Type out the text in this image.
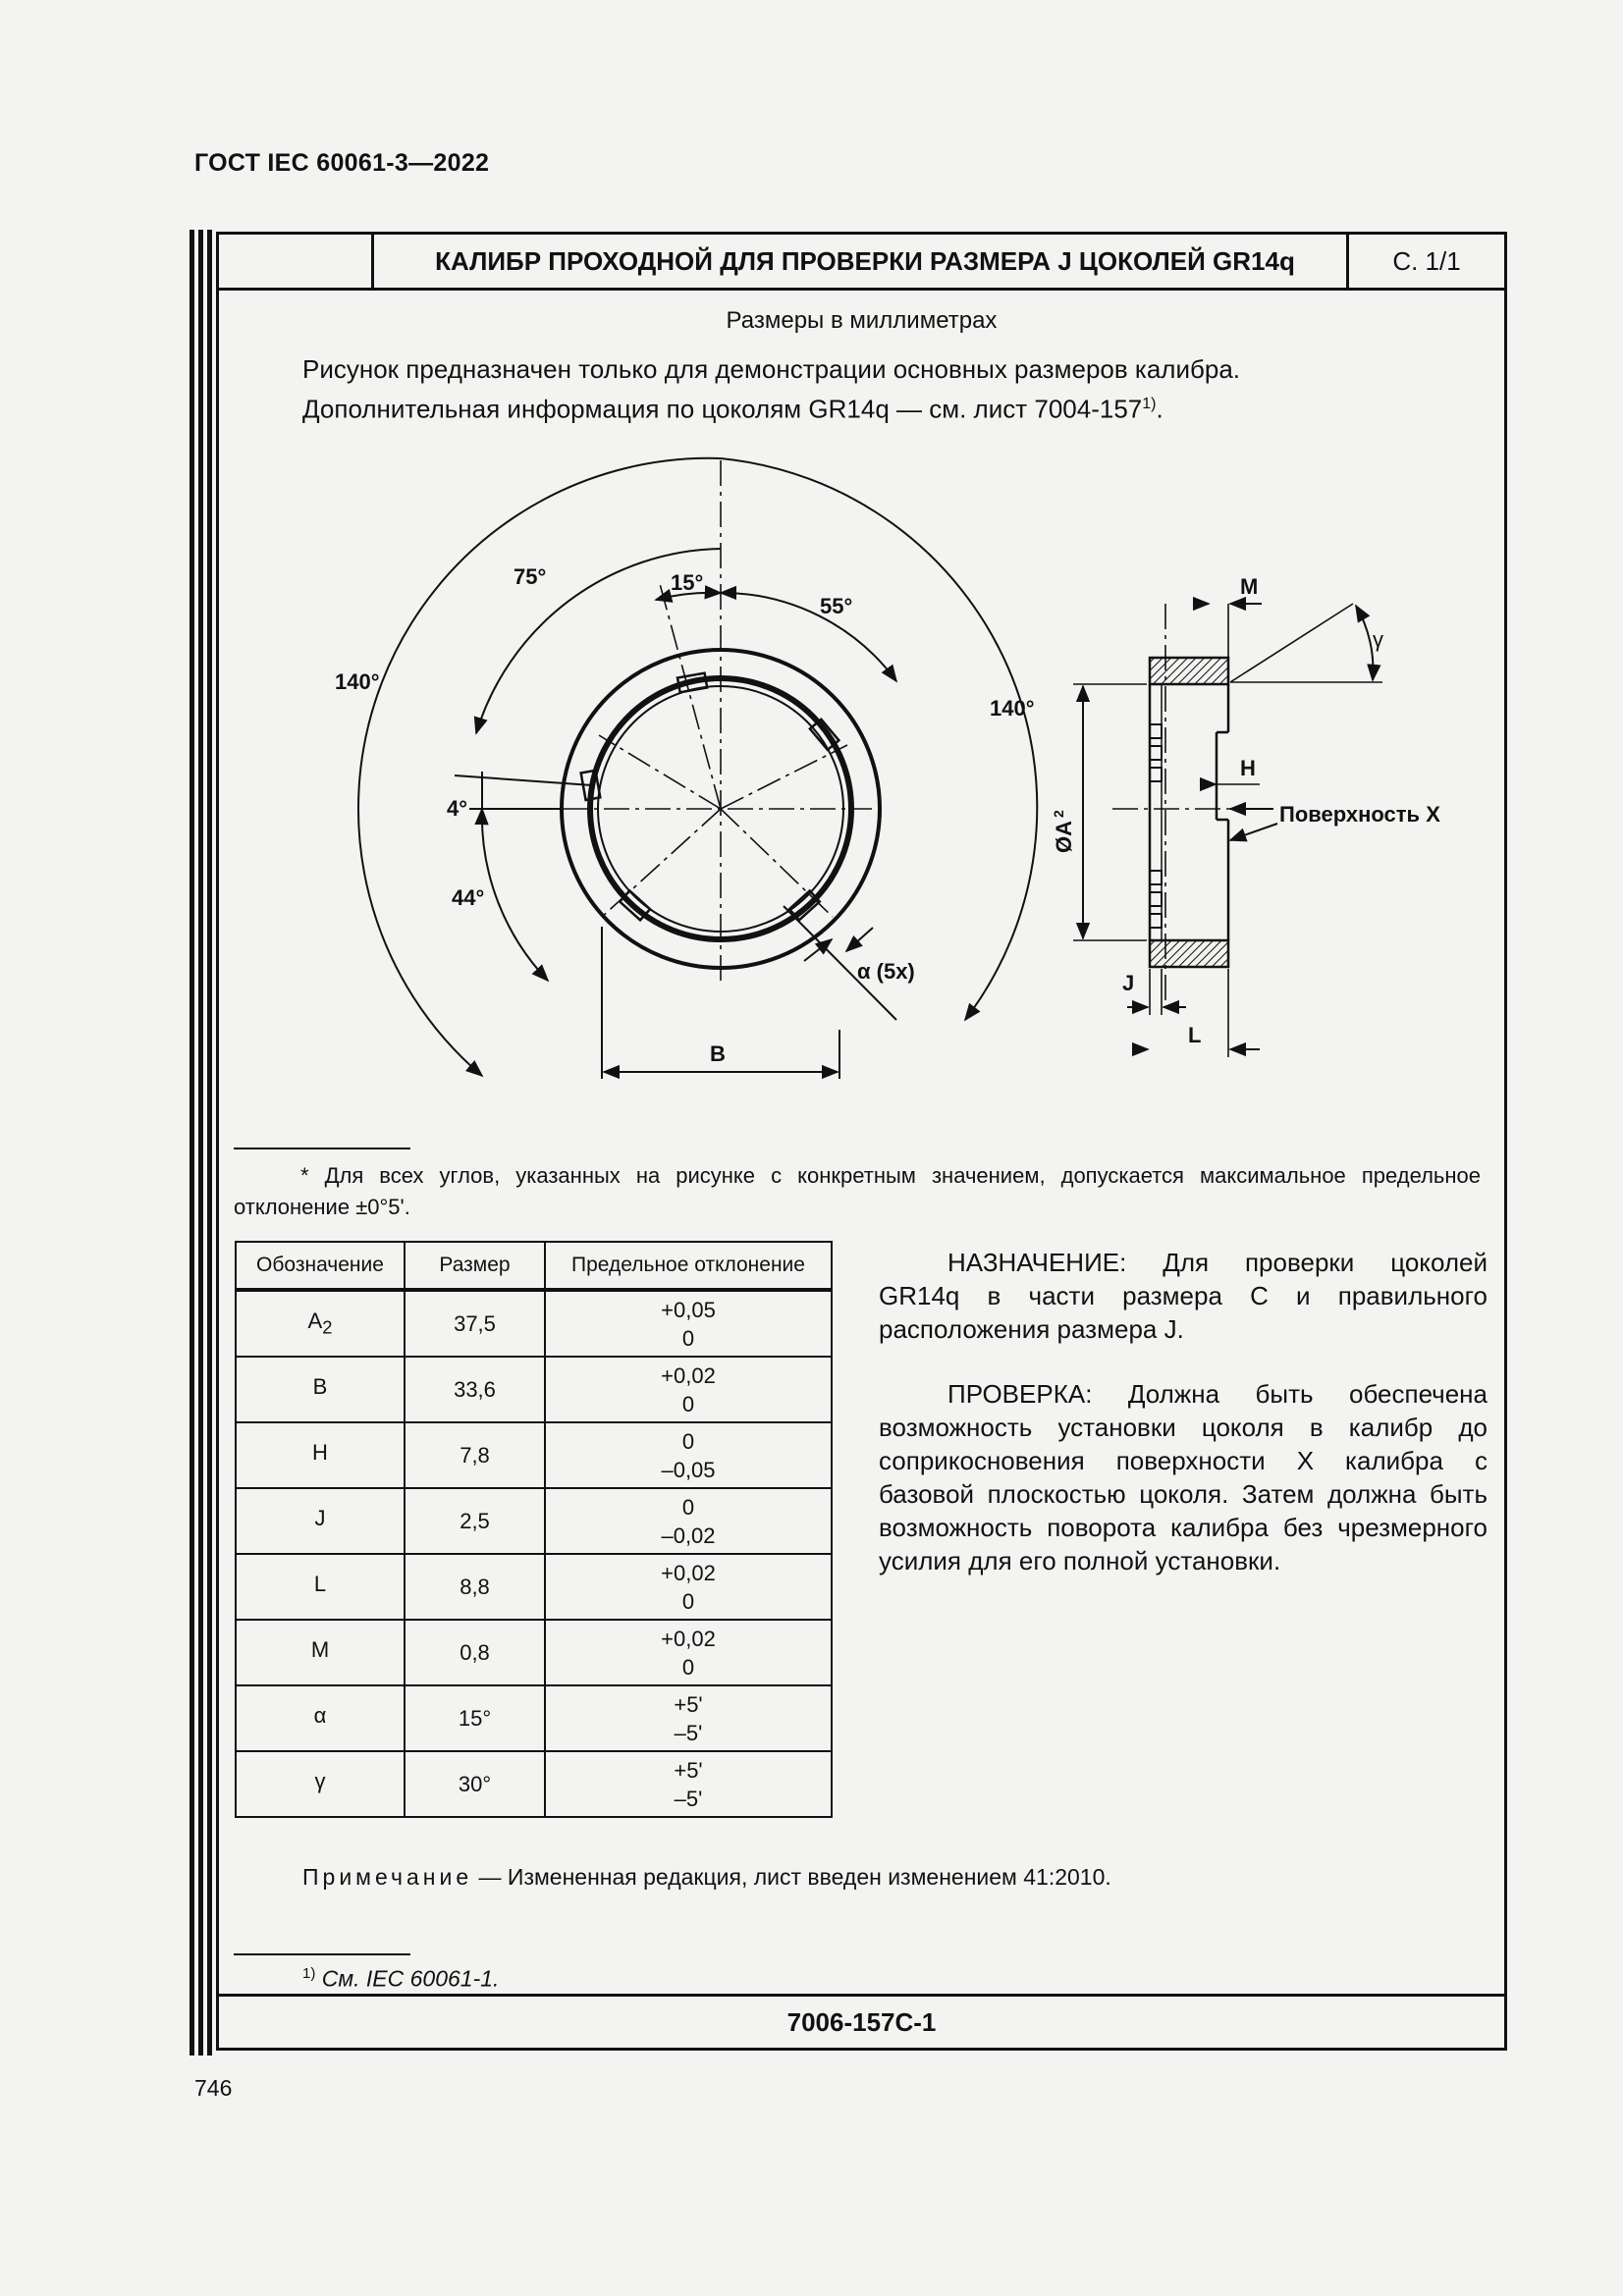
ГОСТ IEC 60061-3—2022
КАЛИБР ПРОХОДНОЙ ДЛЯ ПРОВЕРКИ РАЗМЕРА J ЦОКОЛЕЙ GR14q	С. 1/1
Размеры в миллиметрах
Рисунок предназначен только для демонстрации основных размеров калибра.
Дополнительная информация по цоколям GR14q — см. лист 7004-157$^{1)}$.
75°	15°
55°
140°
140°
4°
44°
α (5x)
B
M
γ
H
Поверхность X
J
L
ØA
2
* Для всех углов, указанных на рисунке с конкретным значением, допускается максимальное предельное отклонение ±0°5'.
Обозначение	Размер	Предельное отклонение
$A_2$	37,5	+0,05
0

B	33,6	+0,02
0

H	7,8	0
–0,05

J	2,5	0
–0,02

L	8,8	+0,02
0

M	0,8	+0,02
0

α	15°	+5'
–5'

γ	30°	+5'
–5'

НАЗНАЧЕНИЕ: Для проверки цоколей GR14q в части размера C и правильного расположения размера J.

ПРОВЕРКА: Должна быть обеспечена возможность установки цоколя в калибр до соприкосновения поверхности X калибра с базовой плоскостью цоколя. Затем должна быть возможность поворота калибра без чрезмерного усилия для его полной установки.

Примечание — Измененная редакция, лист введен изменением 41:2010.
$^{1)}$ См. IEC 60061-1.
7006-157C-1
746
